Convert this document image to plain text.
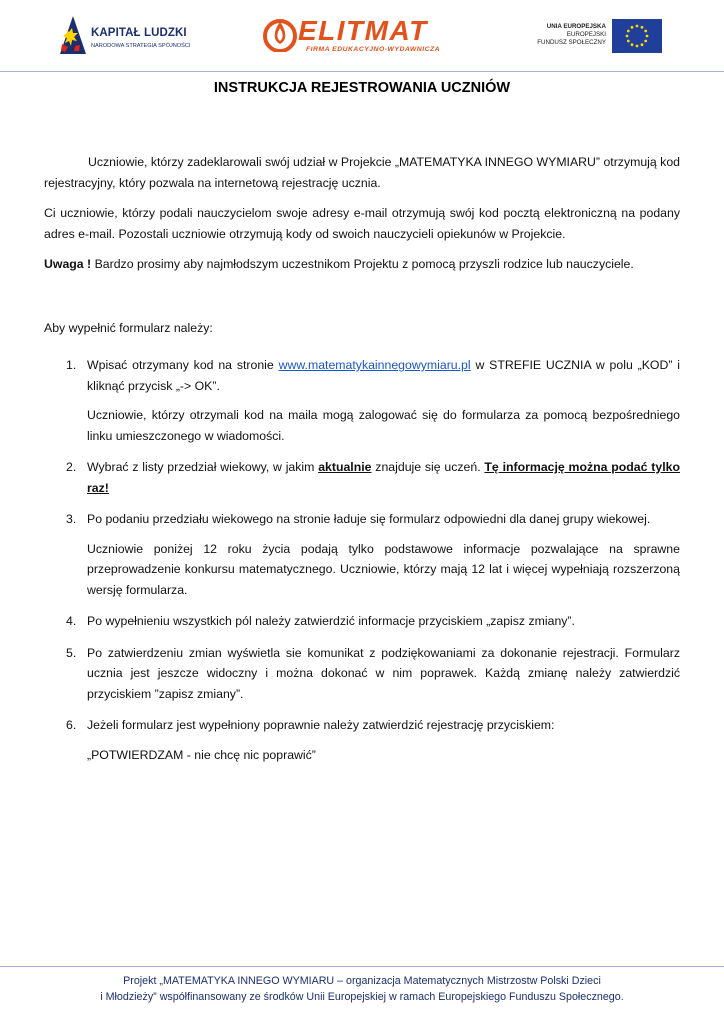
KAPITAŁ LUDZKI
NARODOWA STRATEGIA SPÓJNOŚCI	ELITMAT
FIRMA EDUKACYJNO-WYDAWNICZA
UNIA EUROPEJSKA
EUROPEJSKI
FUNDUSZ SPOŁECZNY
INSTRUKCJA REJESTROWANIA UCZNIÓW

Uczniowie, którzy zadeklarowali swój udział w Projekcie „MATEMATYKA INNEGO WYMIARU” otrzymują kod rejestracyjny, który pozwala na internetową rejestrację ucznia.

Ci uczniowie, którzy podali nauczycielom swoje adresy e-mail otrzymują swój kod pocztą elektroniczną na podany adres e-mail. Pozostali uczniowie otrzymują kody od swoich nauczycieli opiekunów w Projekcie.

Uwaga ! Bardzo prosimy aby najmłodszym uczestnikom Projektu z pomocą przyszli rodzice lub nauczyciele.

Aby wypełnić formularz należy:

1. Wpisać otrzymany kod na stronie www.matematykainnegowymiaru.pl w STREFIE UCZNIA w polu „KOD” i kliknąć przycisk „-> OK”.

Uczniowie, którzy otrzymali kod na maila mogą zalogować się do formularza za pomocą bezpośredniego linku umieszczonego w wiadomości.

2. Wybrać z listy przedział wiekowy, w jakim aktualnie znajduje się uczeń. Tę informację można podać tylko raz!

3. Po podaniu przedziału wiekowego na stronie ładuje się formularz odpowiedni dla danej grupy wiekowej.

Uczniowie poniżej 12 roku życia podają tylko podstawowe informacje pozwalające na sprawne przeprowadzenie konkursu matematycznego. Uczniowie, którzy mają 12 lat i więcej wypełniają rozszerzoną wersję formularza.

4. Po wypełnieniu wszystkich pól należy zatwierdzić informacje przyciskiem „zapisz zmiany”.

5. Po zatwierdzeniu zmian wyświetla sie komunikat z podziękowaniami za dokonanie rejestracji. Formularz ucznia jest jeszcze widoczny i można dokonać w nim poprawek. Każdą zmianę należy zatwierdzić przyciskiem ”zapisz zmiany”.

6. Jeżeli formularz jest wypełniony poprawnie należy zatwierdzić rejestrację przyciskiem:

„POTWIERDZAM - nie chcę nic poprawić”

Projekt „MATEMATYKA INNEGO WYMIARU – organizacja Matematycznych Mistrzostw Polski Dzieci
i Młodzieży” współfinansowany ze środków Unii Europejskiej w ramach Europejskiego Funduszu Społecznego.
